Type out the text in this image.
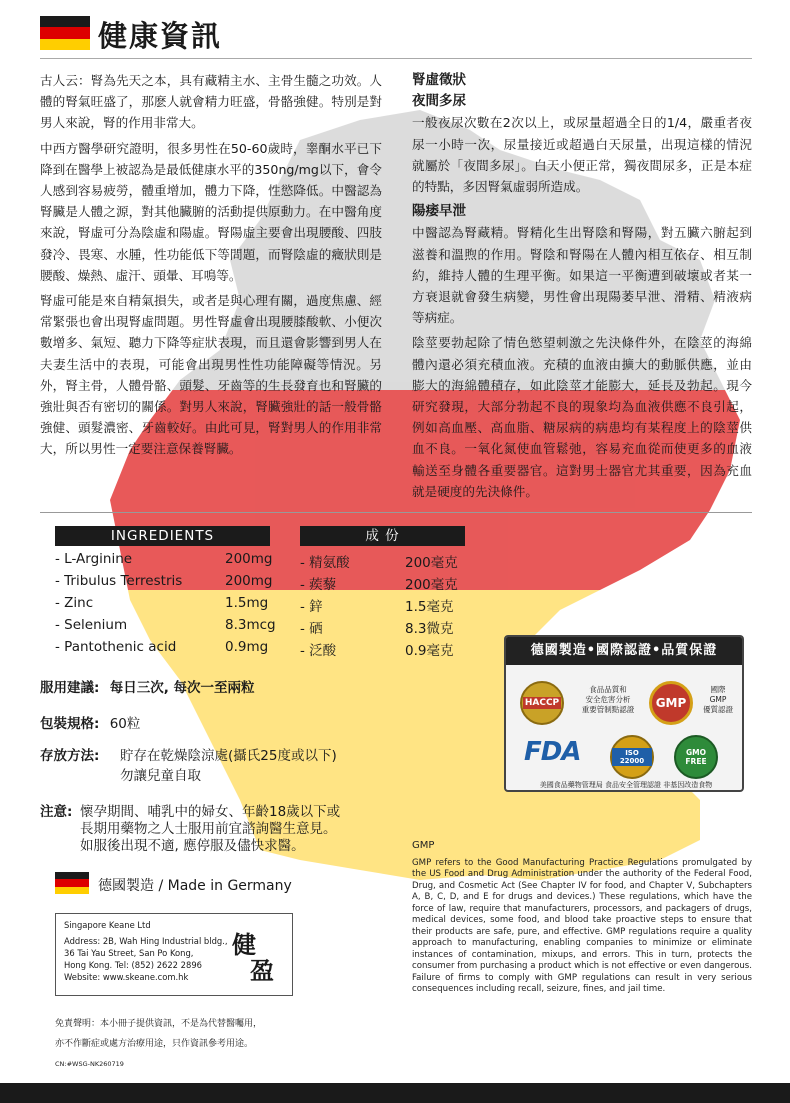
健康資訊

古人云：腎為先天之本，具有藏精主水、主骨生髓之功效。人體的腎氣旺盛了，那麽人就會精力旺盛，骨骼強健。特別是對男人來說，腎的作用非常大。

中西方醫學研究證明，很多男性在50-60歲時，睾酮水平已下降到在醫學上被認為是最低健康水平的350ng/mg以下，會令人感到容易疲勞，體重增加，體力下降，性慾降低。中醫認為腎臟是人體之源，對其他臟腑的活動提供原動力。在中醫角度來說，腎虛可分為陰虛和陽虛。腎陽虛主要會出現腰酸、四肢發冷、畏寒、水腫，性功能低下等問題，而腎陰虛的癥狀則是腰酸、燥熱、虛汗、頭暈、耳鳴等。

腎虛可能是來自精氣損失，或者是與心理有關，過度焦慮、經常緊張也會出現腎虛問題。男性腎虛會出現腰膝酸軟、小便次數增多、氣短、聽力下降等症狀表現，而且還會影響到男人在夫妻生活中的表現，可能會出現男性性功能障礙等情況。另外，腎主骨，人體骨骼、頭髮、牙齒等的生長發育也和腎臟的強壯與否有密切的關係。對男人來說，腎臟強壯的話一般骨骼強健、頭髮濃密、牙齒較好。由此可見，腎對男人的作用非常大，所以男性一定要注意保養腎臟。

腎虛徵狀
夜間多尿

一般夜尿次數在2次以上，或尿量超過全日的1/4，嚴重者夜尿一小時一次，尿量接近或超過白天尿量，出現這樣的情況就屬於「夜間多尿」。白天小便正常，獨夜間尿多，正是本症的特點，多因腎氣虛弱所造成。

陽痿早泄

中醫認為腎藏精。腎精化生出腎陰和腎陽，對五臟六腑起到滋養和溫煦的作用。腎陰和腎陽在人體內相互依存、相互制約，維持人體的生理平衡。如果這一平衡遭到破壞或者某一方衰退就會發生病變，男性會出現陽萎早泄、滑精、精液病等病症。

陰莖要勃起除了情色慾望刺激之先決條件外，在陰莖的海綿體內還必須充積血液。充積的血液由擴大的動脈供應，並由膨大的海綿體積存，如此陰莖才能膨大，延長及勃起。現今研究發現，大部分勃起不良的現象均為血液供應不良引起，例如高血壓、高血脂、糖尿病的病患均有某程度上的陰莖供血不良。一氧化氮使血管鬆弛，容易充血從而使更多的血液輸送至身體各重要器官。這對男士器官尤其重要，因為充血就是硬度的先決條件。

INGREDIENTS	成 份
- L-Arginine	200mg - 精氨酸	200毫克
- Tribulus Terrestris	200mg - 蒺藜	200毫克
- Zinc	1.5mg - 鋅	1.5毫克
- Selenium	8.3mcg - 硒	8.3微克
- Pantothenic acid	0.9mg - 泛酸	0.9毫克
服用建議: 每日三次, 每次一至兩粒
包裝規格: 60粒
存放方法: 貯存在乾燥陰涼處(攝氏25度或以下)
勿讓兒童自取
注意: 懷孕期間、哺乳中的婦女、年齡18歲以下或
長期用藥物之人士服用前宜諮詢醫生意見。
如服後出現不適, 應停服及儘快求醫。
德國製造 / Made in Germany
德國製造•國際認證•品質保證
HACCP
食品品質和
安全危害分析
重要管制點認證	GMP
國際
GMP
優質認證
FDA	ISO 22000
GMO FREE
美國食品藥物管理局 食品安全管理認證 非基因改造食物
GMP
GMP refers to the Good Manufacturing Practice Regulations promulgated by the US Food and Drug Administration under the authority of the Federal Food, Drug, and Cosmetic Act (See Chapter IV for food, and Chapter V, Subchapters A, B, C, D, and E for drugs and devices.) These regulations, which have the force of law, require that manufacturers, processors, and packagers of drugs, medical devices, some food, and blood take proactive steps to ensure that their products are safe, pure, and effective. GMP regulations require a quality approach to manufacturing, enabling companies to minimize or eliminate instances of contamination, mixups, and errors. This in turn, protects the consumer from purchasing a product which is not effective or even dangerous. Failure of firms to comply with GMP regulations can result in very serious consequences including recall, seizure, fines, and jail time.
Singapore Keane Ltd
Address: 2B, Wah Hing Industrial bldg.,
36 Tai Yau Street, San Po Kong,
Hong Kong. Tel: (852) 2622 2896
Website: www.skeane.com.hk
健
盈
免責聲明：本小冊子提供資訊，不是為代替醫囑用，
亦不作斷症或處方治療用途，只作資訊參考用途。
CN:#WSG-NK260719
